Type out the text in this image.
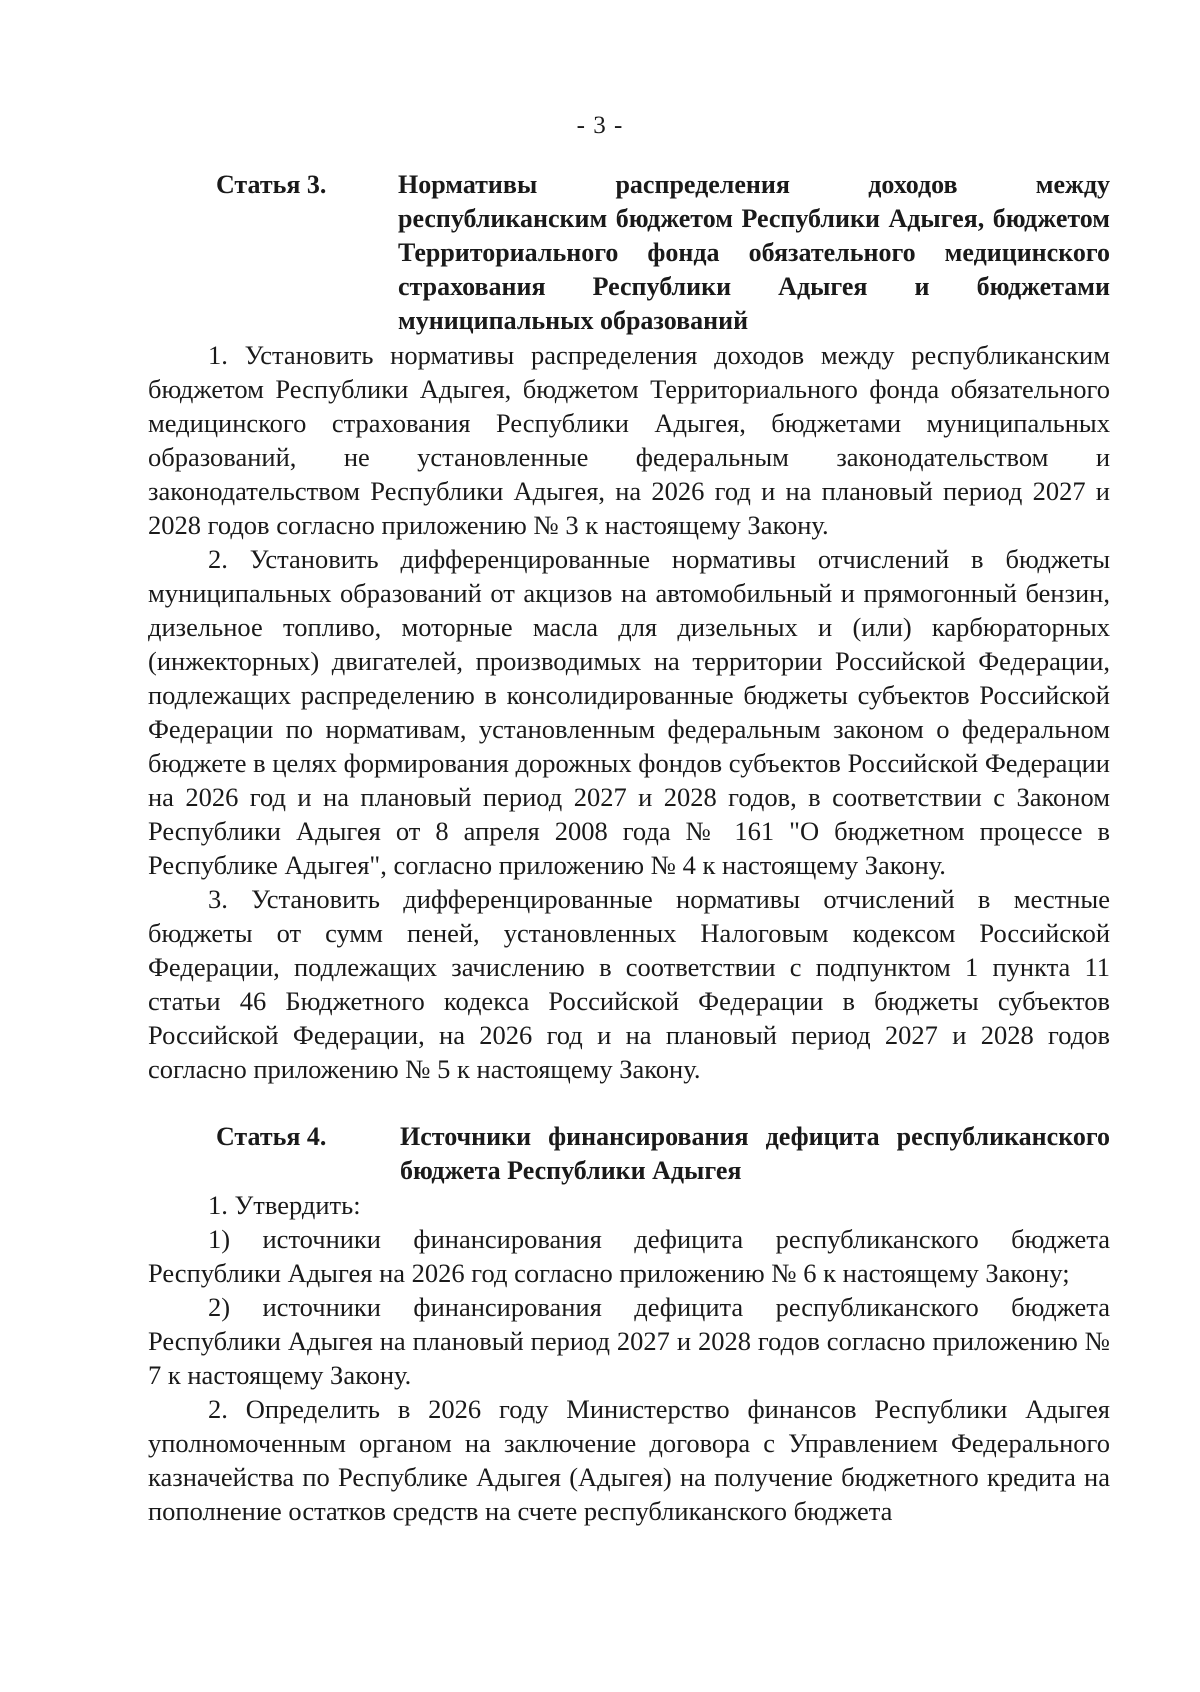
- 3 -
Статья 3.	Нормативы распределения доходов между республиканским бюджетом Республики Адыгея, бюджетом Территориального фонда обязательного медицинского страхования Республики Адыгея и бюджетами муниципальных образований

1. Установить нормативы распределения доходов между республиканским бюджетом Республики Адыгея, бюджетом Территориального фонда обязательного медицинского страхования Республики Адыгея, бюджетами муниципальных образований, не установленные федеральным законодательством и законодательством Республики Адыгея, на 2026 год и на плановый период 2027 и 2028 годов согласно приложению № 3 к настоящему Закону.

2. Установить дифференцированные нормативы отчислений в бюджеты муниципальных образований от акцизов на автомобильный и прямогонный бензин, дизельное топливо, моторные масла для дизельных и (или) карбюраторных (инжекторных) двигателей, производимых на территории Российской Федерации, подлежащих распределению в консолидированные бюджеты субъектов Российской Федерации по нормативам, установленным федеральным законом о федеральном бюджете в целях формирования дорожных фондов субъектов Российской Федерации на 2026 год и на плановый период 2027 и 2028 годов, в соответствии с Законом Республики Адыгея от 8 апреля 2008 года № 161 "О бюджетном процессе в Республике Адыгея", согласно приложению № 4 к настоящему Закону.

3. Установить дифференцированные нормативы отчислений в местные бюджеты от сумм пеней, установленных Налоговым кодексом Российской Федерации, подлежащих зачислению в соответствии с подпунктом 1 пункта 11 статьи 46 Бюджетного кодекса Российской Федерации в бюджеты субъектов Российской Федерации, на 2026 год и на плановый период 2027 и 2028 годов согласно приложению № 5 к настоящему Закону.

Статья 4.	Источники финансирования дефицита республиканского бюджета Республики Адыгея

1. Утвердить:

1) источники финансирования дефицита республиканского бюджета Республики Адыгея на 2026 год согласно приложению № 6 к настоящему Закону;

2) источники финансирования дефицита республиканского бюджета Республики Адыгея на плановый период 2027 и 2028 годов согласно приложению № 7 к настоящему Закону.

2. Определить в 2026 году Министерство финансов Республики Адыгея уполномоченным органом на заключение договора с Управлением Федерального казначейства по Республике Адыгея (Адыгея) на получение бюджетного кредита на пополнение остатков средств на счете республиканского бюджета
